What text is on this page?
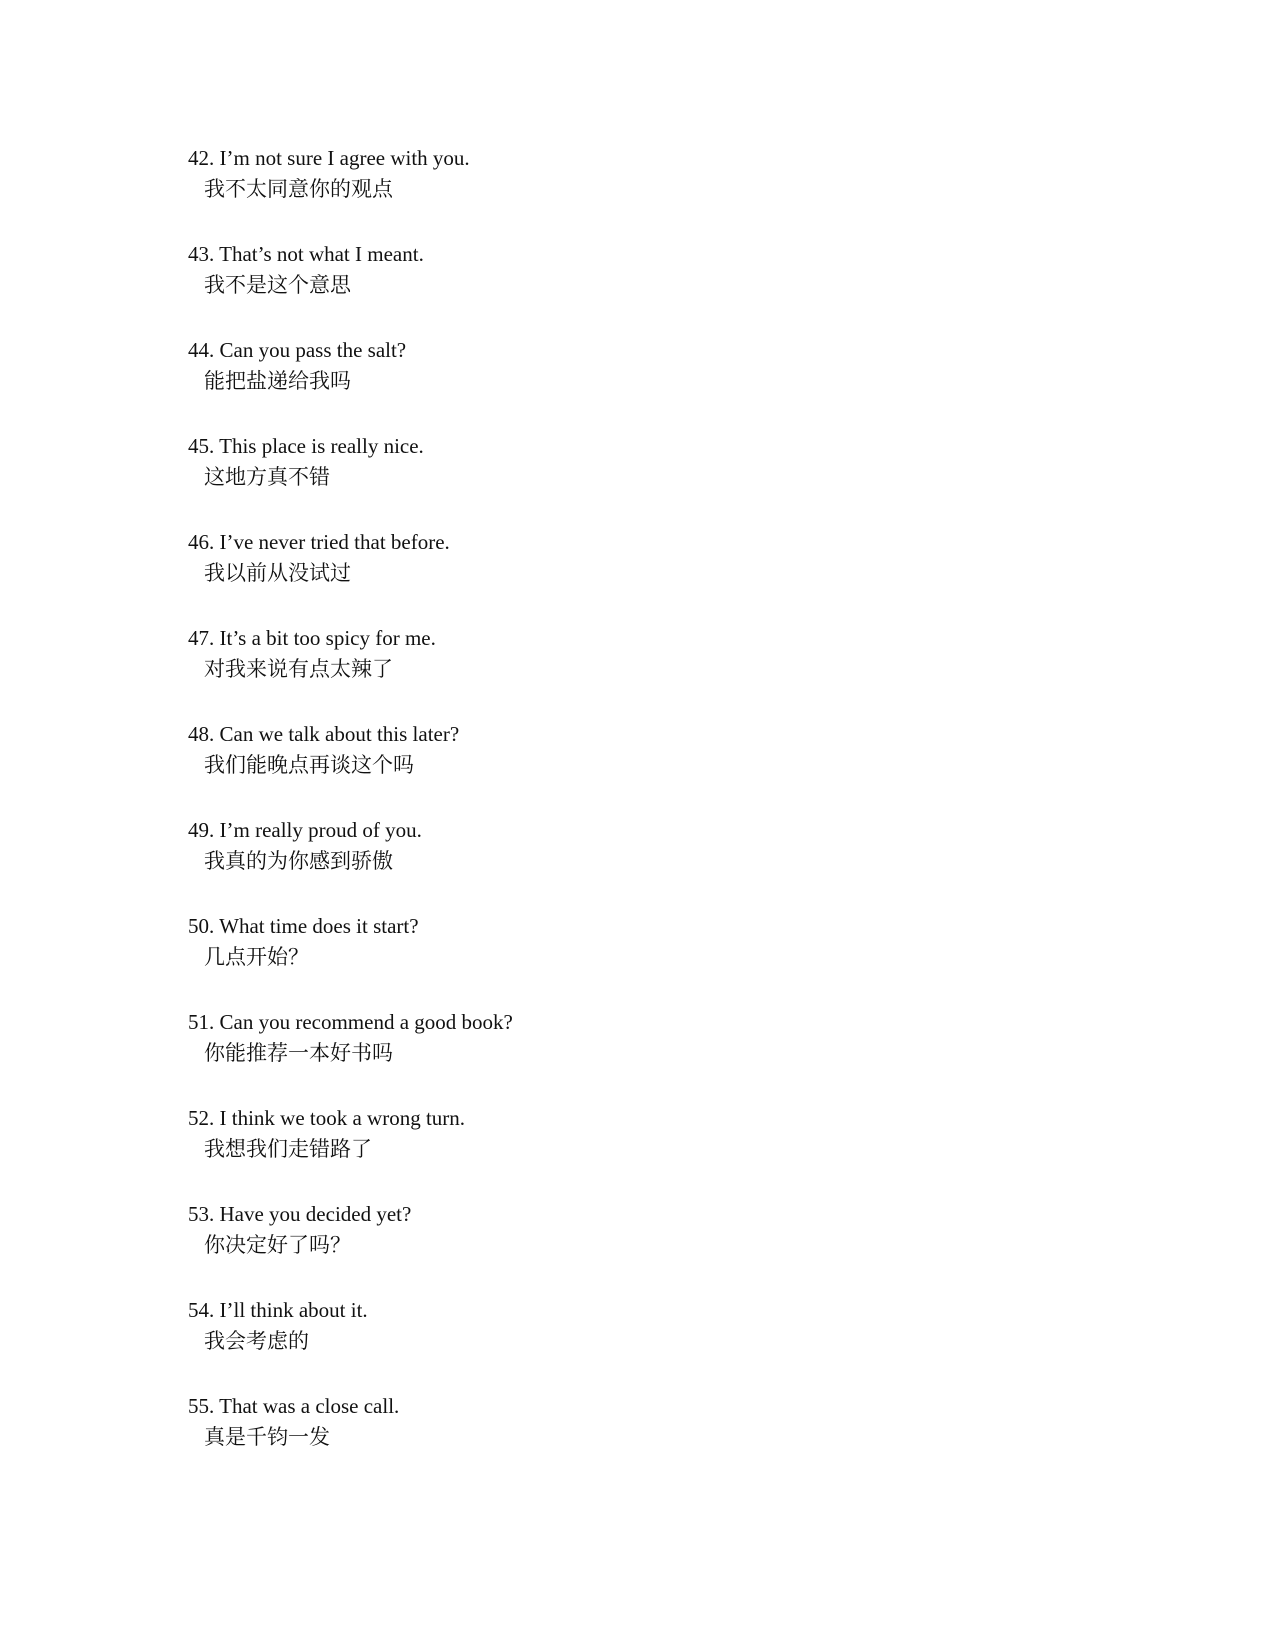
42. I’m not sure I agree with you.
我不太同意你的观点
43. That’s not what I meant.
我不是这个意思
44. Can you pass the salt?
能把盐递给我吗
45. This place is really nice.
这地方真不错
46. I’ve never tried that before.
我以前从没试过
47. It’s a bit too spicy for me.
对我来说有点太辣了
48. Can we talk about this later?
我们能晚点再谈这个吗
49. I’m really proud of you.
我真的为你感到骄傲
50. What time does it start?
几点开始？
51. Can you recommend a good book?
你能推荐一本好书吗
52. I think we took a wrong turn.
我想我们走错路了
53. Have you decided yet?
你决定好了吗？
54. I’ll think about it.
我会考虑的
55. That was a close call.
真是千钧一发
